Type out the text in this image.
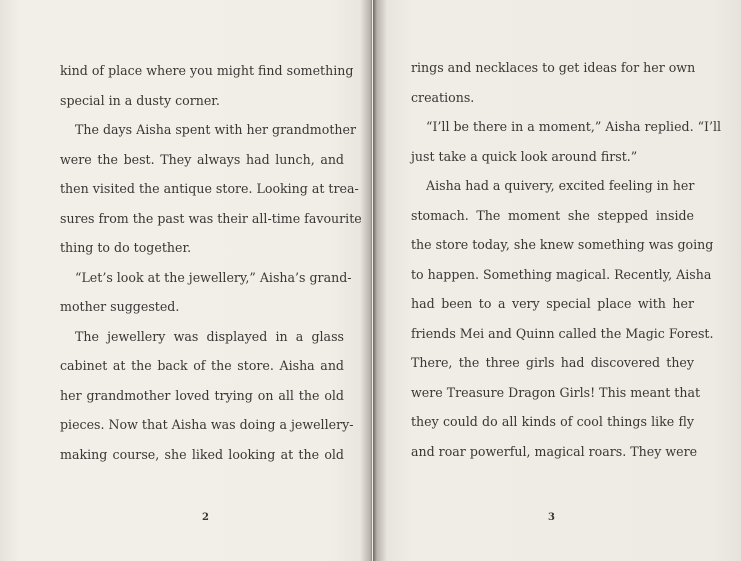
kind of place where you might find something
special in a dusty corner.
The days Aisha spent with her grandmother
were the best. They always had lunch, and
then visited the antique store. Looking at trea-
sures from the past was their all-time favourite
thing to do together.
“Let’s look at the jewellery,” Aisha’s grand-
mother suggested.
The jewellery was displayed in a glass
cabinet at the back of the store. Aisha and
her grandmother loved trying on all the old
pieces. Now that Aisha was doing a jewellery-
making course, she liked looking at the old
2
rings and necklaces to get ideas for her own
creations.
“I’ll be there in a moment,” Aisha replied. “I’ll
just take a quick look around first.”
Aisha had a quivery, excited feeling in her
stomach. The moment she stepped inside
the store today, she knew something was going
to happen. Something magical. Recently, Aisha
had been to a very special place with her
friends Mei and Quinn called the Magic Forest.
There, the three girls had discovered they
were Treasure Dragon Girls! This meant that
they could do all kinds of cool things like fly
and roar powerful, magical roars. They were
3
